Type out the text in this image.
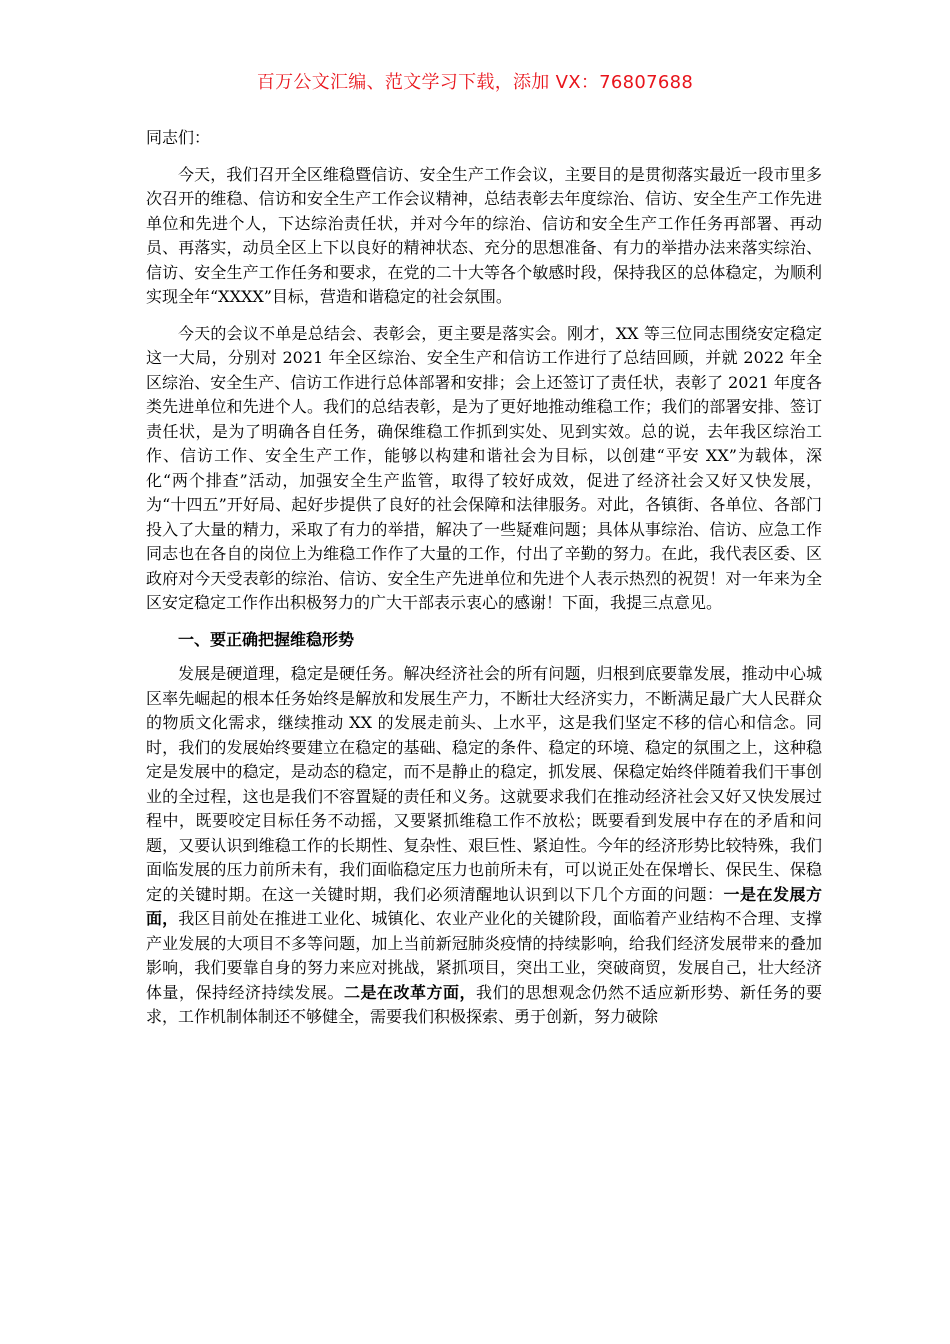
百万公文汇编、范文学习下载，添加 VX：76807688

同志们：

今天，我们召开全区维稳暨信访、安全生产工作会议，主要目的是贯彻落实最近一段市里多次召开的维稳、信访和安全生产工作会议精神，总结表彰去年度综治、信访、安全生产工作先进单位和先进个人，下达综治责任状，并对今年的综治、信访和安全生产工作任务再部署、再动员、再落实，动员全区上下以良好的精神状态、充分的思想准备、有力的举措办法来落实综治、信访、安全生产工作任务和要求，在党的二十大等各个敏感时段，保持我区的总体稳定，为顺利实现全年“XXXX”目标，营造和谐稳定的社会氛围。

今天的会议不单是总结会、表彰会，更主要是落实会。刚才，XX 等三位同志围绕安定稳定这一大局，分别对 2021 年全区综治、安全生产和信访工作进行了总结回顾，并就 2022 年全区综治、安全生产、信访工作进行总体部署和安排；会上还签订了责任状，表彰了 2021 年度各类先进单位和先进个人。我们的总结表彰，是为了更好地推动维稳工作；我们的部署安排、签订责任状，是为了明确各自任务，确保维稳工作抓到实处、见到实效。总的说，去年我区综治工作、信访工作、安全生产工作，能够以构建和谐社会为目标，以创建“平安 XX”为载体，深化“两个排查”活动，加强安全生产监管，取得了较好成效，促进了经济社会又好又快发展，为“十四五”开好局、起好步提供了良好的社会保障和法律服务。对此，各镇街、各单位、各部门投入了大量的精力，采取了有力的举措，解决了一些疑难问题；具体从事综治、信访、应急工作同志也在各自的岗位上为维稳工作作了大量的工作，付出了辛勤的努力。在此，我代表区委、区政府对今天受表彰的综治、信访、安全生产先进单位和先进个人表示热烈的祝贺！对一年来为全区安定稳定工作作出积极努力的广大干部表示衷心的感谢！下面，我提三点意见。

一、要正确把握维稳形势

发展是硬道理，稳定是硬任务。解决经济社会的所有问题，归根到底要靠发展，推动中心城区率先崛起的根本任务始终是解放和发展生产力，不断壮大经济实力，不断满足最广大人民群众的物质文化需求，继续推动 XX 的发展走前头、上水平，这是我们坚定不移的信心和信念。同时，我们的发展始终要建立在稳定的基础、稳定的条件、稳定的环境、稳定的氛围之上，这种稳定是发展中的稳定，是动态的稳定，而不是静止的稳定，抓发展、保稳定始终伴随着我们干事创业的全过程，这也是我们不容置疑的责任和义务。这就要求我们在推动经济社会又好又快发展过程中，既要咬定目标任务不动摇，又要紧抓维稳工作不放松；既要看到发展中存在的矛盾和问题，又要认识到维稳工作的长期性、复杂性、艰巨性、紧迫性。今年的经济形势比较特殊，我们面临发展的压力前所未有，我们面临稳定压力也前所未有，可以说正处在保增长、保民生、保稳定的关键时期。在这一关键时期，我们必须清醒地认识到以下几个方面的问题：一是在发展方面，我区目前处在推进工业化、城镇化、农业产业化的关键阶段，面临着产业结构不合理、支撑产业发展的大项目不多等问题，加上当前新冠肺炎疫情的持续影响，给我们经济发展带来的叠加影响，我们要靠自身的努力来应对挑战，紧抓项目，突出工业，突破商贸，发展自己，壮大经济体量，保持经济持续发展。二是在改革方面，我们的思想观念仍然不适应新形势、新任务的要求，工作机制体制还不够健全，需要我们积极探索、勇于创新，努力破除
